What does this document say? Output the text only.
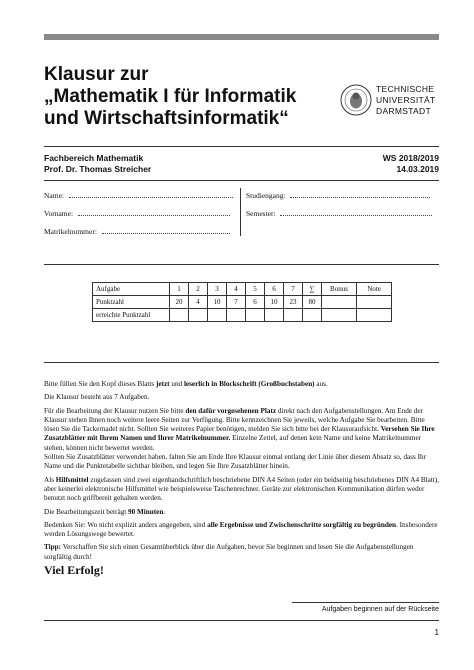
Klausur zur
„Mathematik I für Informatik
und Wirtschaftsinformatik“
TECHNISCHE
UNIVERSITÄT
DARMSTADT
Fachbereich Mathematik	WS 2018/2019
Prof. Dr. Thomas Streicher	14.03.2019
Name:
Vorname:
Matrikelnummer:
Studiengang:
Semester:
Aufgabe	1	2	3	4	5	6	7	∑	Bonus	Note
Punktzahl	20	4	10	7	6	10	23	80		
erreichte Punktzahl										

Bitte füllen Sie den Kopf dieses Blatts jetzt und leserlich in Blockschrift (Großbuchstaben) aus.

Die Klausur besteht aus 7 Aufgaben.

Für die Bearbeitung der Klausur nutzen Sie bitte den dafür vorgesehenen Platz direkt nach den Aufgabenstellungen. Am Ende der Klausur stehen Ihnen noch weitere leere Seiten zur Verfügung. Bitte kennzeichnen Sie jeweils, welche Aufgabe Sie bearbeiten. Bitte lösen Sie die Tackernadel nicht. Sollten Sie weiteres Papier benötigen, melden Sie sich bitte bei der Klausuraufsicht. Versehen Sie Ihre Zusatzblätter mit Ihrem Namen und Ihrer Matrikelnummer. Einzelne Zettel, auf denen kein Name und keine Matrikelnummer stehen, können nicht bewertet werden.
Sollten Sie Zusatzblätter verwendet haben, falten Sie am Ende Ihre Klausur einmal entlang der Linie über diesem Absatz so, dass Ihr Name und die Punktetabelle sichtbar bleiben, und legen Sie Ihre Zusatzblätter hinein.

Als Hilfsmittel zugelassen sind zwei eigenhandschriftlich beschriebene DIN A4 Seiten (oder ein beidseitig beschriebenes DIN A4 Blatt), aber keinerlei elektronische Hilfsmittel wie beispielsweise Taschenrechner. Geräte zur elektronischen Kommunikation dürfen weder benutzt noch griffbereit gehalten werden.

Die Bearbeitungszeit beträgt 90 Minuten.

Bedenken Sie: Wo nicht explizit anders angegeben, sind alle Ergebnisse und Zwischenschritte sorgfältig zu begründen. Insbesondere werden Lösungswege bewertet.

Tipp: Verschaffen Sie sich einen Gesamtüberblick über die Aufgaben, bevor Sie beginnen und lesen Sie die Aufgabenstellungen sorgfältig durch!

Viel Erfolg!
Aufgaben beginnen auf der Rückseite
1
